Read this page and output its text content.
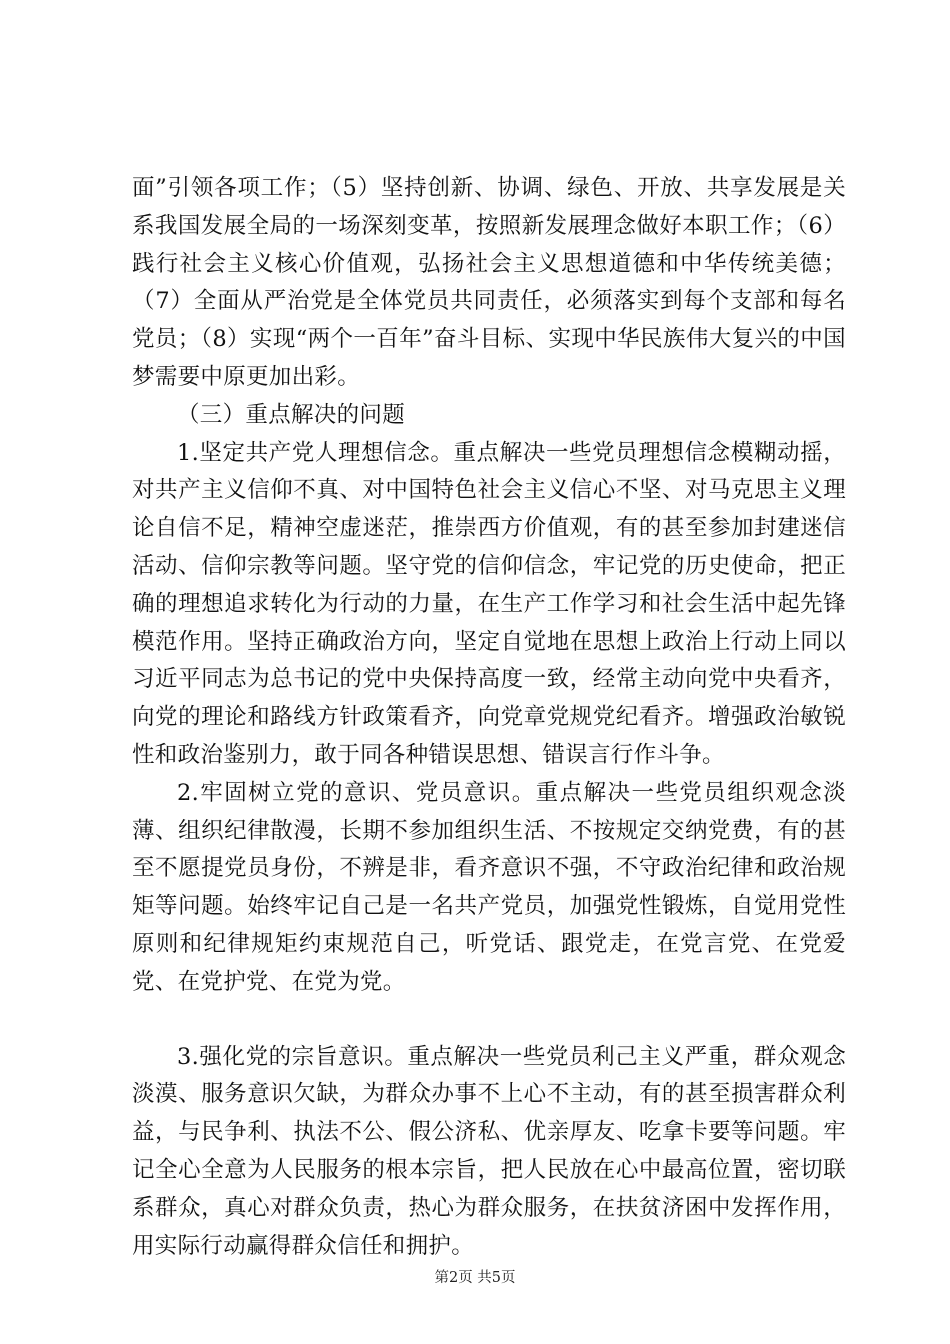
面”引领各项工作；（5）坚持创新、协调、绿色、开放、共享发展是关系我国发展全局的一场深刻变革，按照新发展理念做好本职工作；（6）践行社会主义核心价值观，弘扬社会主义思想道德和中华传统美德；（7）全面从严治党是全体党员共同责任，必须落实到每个支部和每名党员；（8）实现“两个一百年”奋斗目标、实现中华民族伟大复兴的中国梦需要中原更加出彩。

（三）重点解决的问题

1.坚定共产党人理想信念。重点解决一些党员理想信念模糊动摇，对共产主义信仰不真、对中国特色社会主义信心不坚、对马克思主义理论自信不足，精神空虚迷茫，推崇西方价值观，有的甚至参加封建迷信活动、信仰宗教等问题。坚守党的信仰信念，牢记党的历史使命，把正确的理想追求转化为行动的力量，在生产工作学习和社会生活中起先锋模范作用。坚持正确政治方向，坚定自觉地在思想上政治上行动上同以习近平同志为总书记的党中央保持高度一致，经常主动向党中央看齐，向党的理论和路线方针政策看齐，向党章党规党纪看齐。增强政治敏锐性和政治鉴别力，敢于同各种错误思想、错误言行作斗争。

2.牢固树立党的意识、党员意识。重点解决一些党员组织观念淡薄、组织纪律散漫，长期不参加组织生活、不按规定交纳党费，有的甚至不愿提党员身份，不辨是非，看齐意识不强，不守政治纪律和政治规矩等问题。始终牢记自己是一名共产党员，加强党性锻炼，自觉用党性原则和纪律规矩约束规范自己，听党话、跟党走，在党言党、在党爱党、在党护党、在党为党。

3.强化党的宗旨意识。重点解决一些党员利己主义严重，群众观念淡漠、服务意识欠缺，为群众办事不上心不主动，有的甚至损害群众利益，与民争利、执法不公、假公济私、优亲厚友、吃拿卡要等问题。牢记全心全意为人民服务的根本宗旨，把人民放在心中最高位置，密切联系群众，真心对群众负责，热心为群众服务，在扶贫济困中发挥作用，用实际行动赢得群众信任和拥护。

第2页 共5页
